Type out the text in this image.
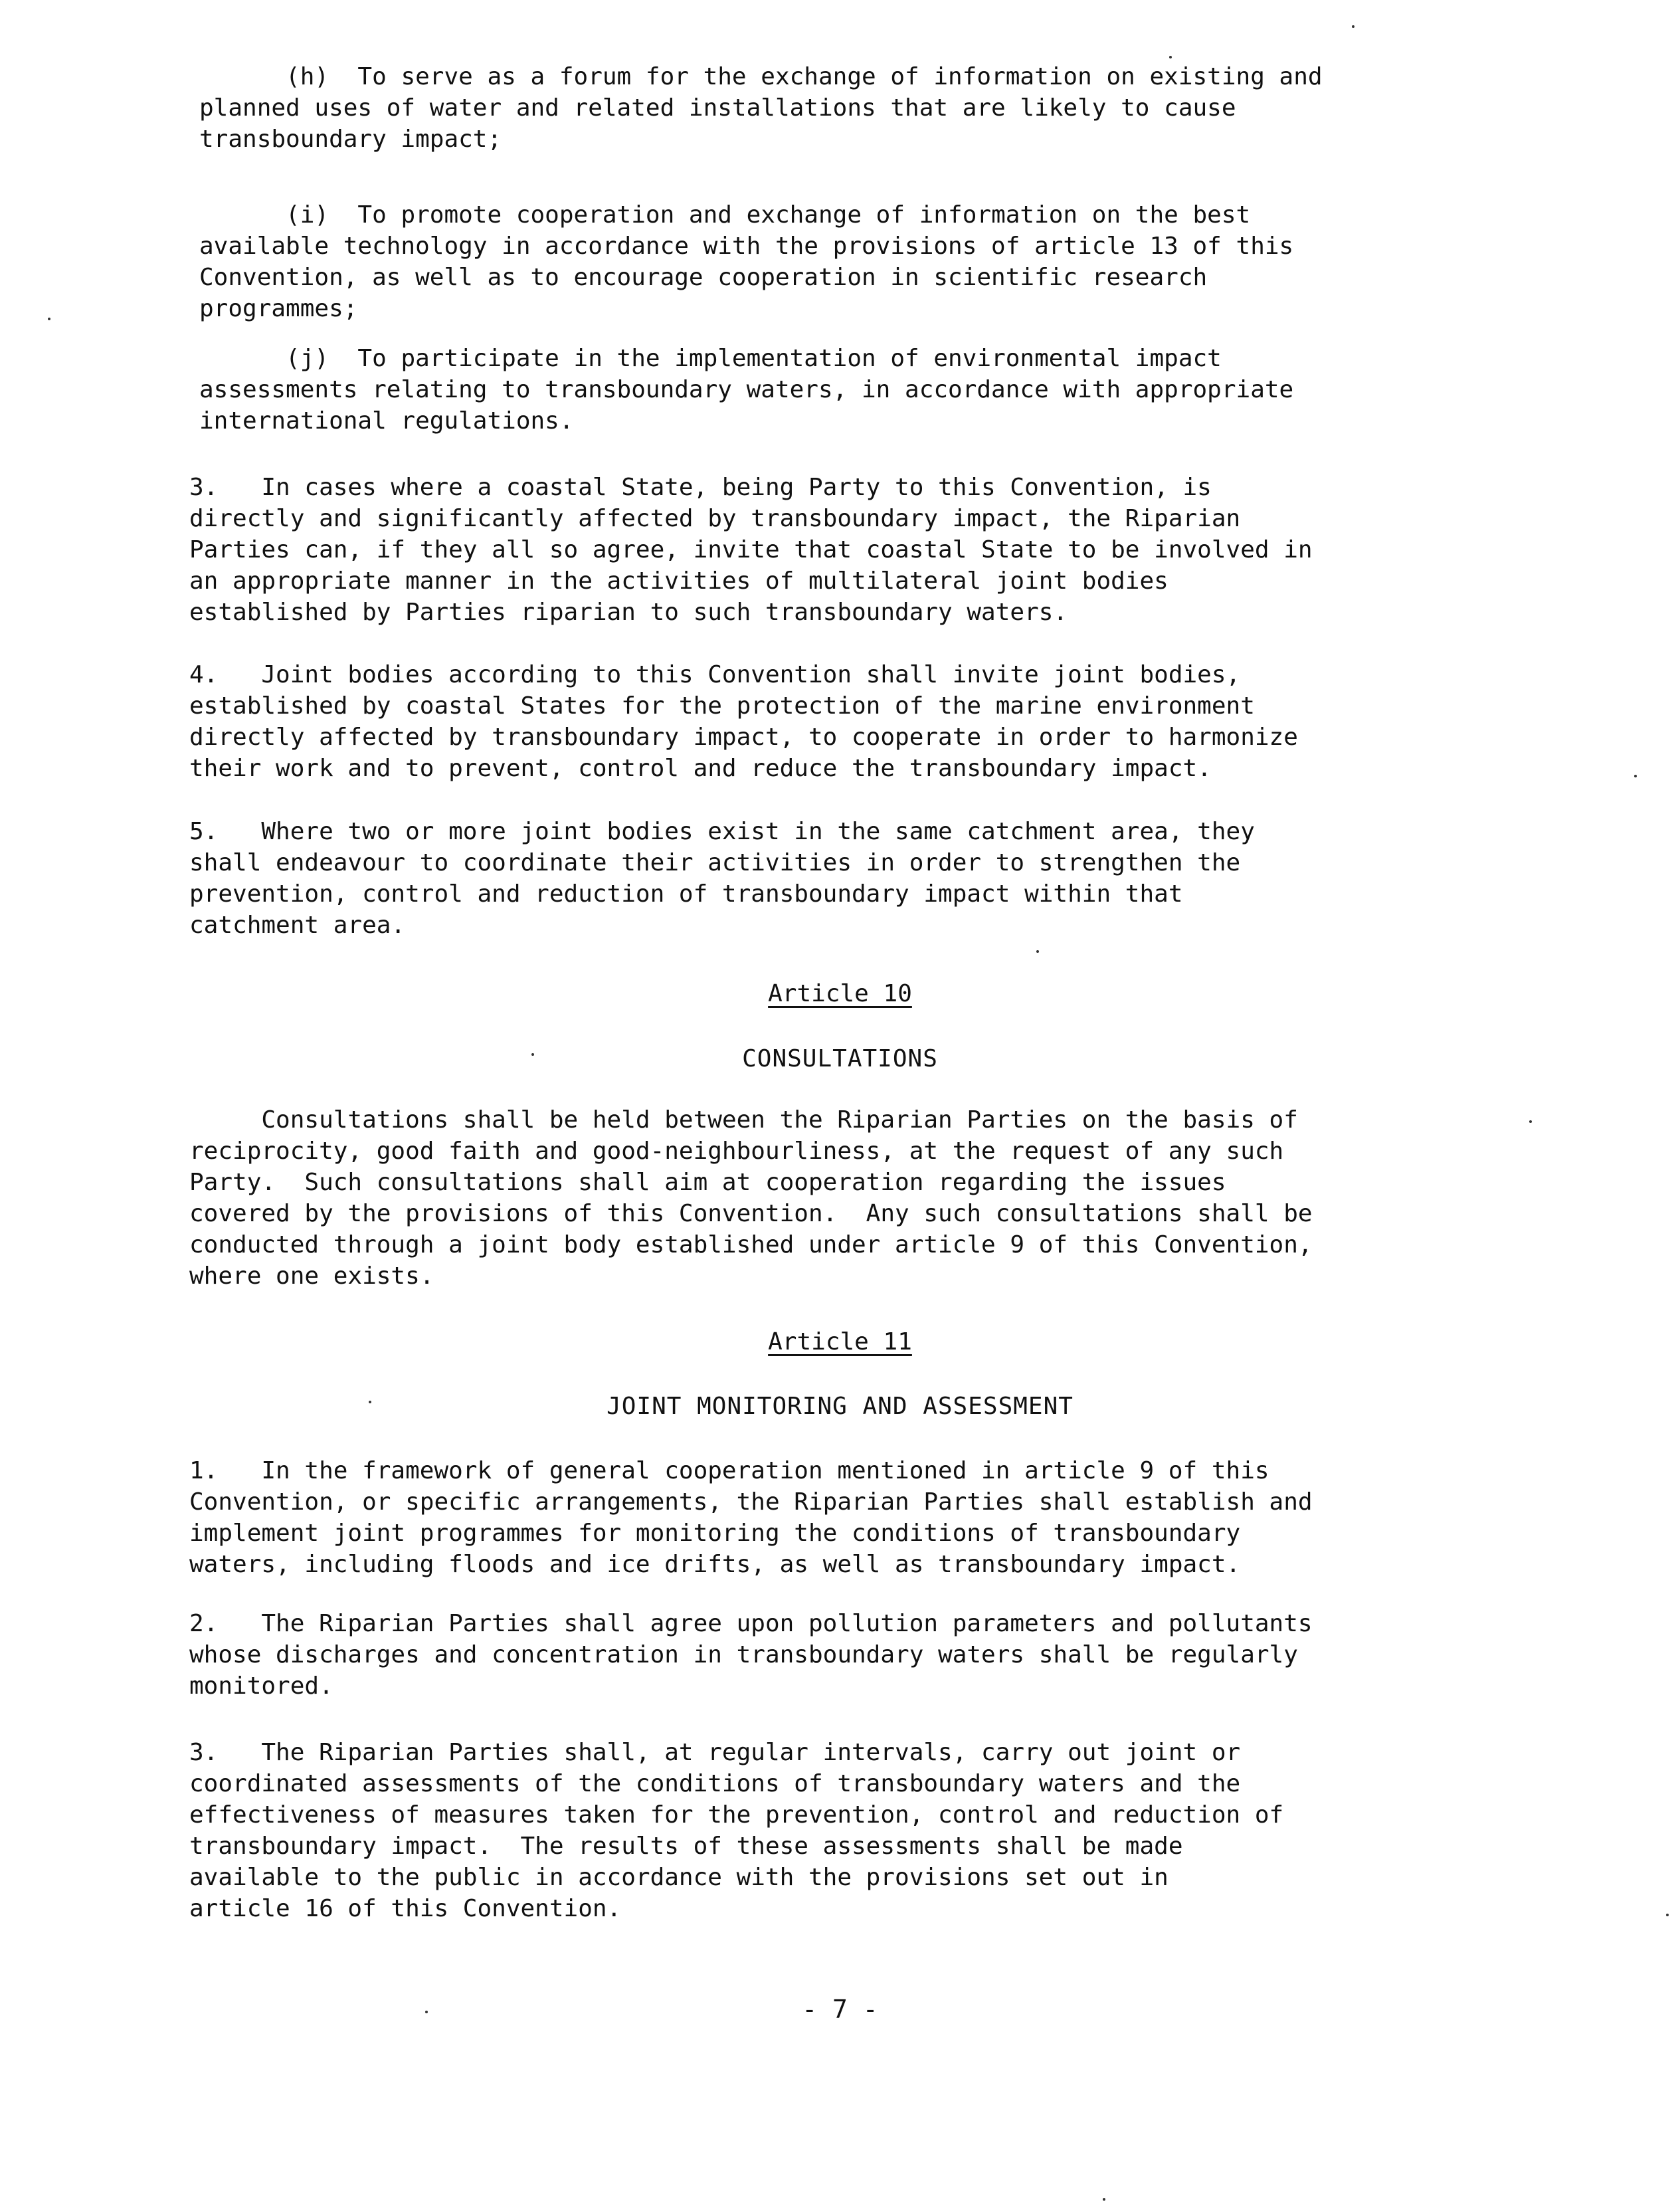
(h)  To serve as a forum for the exchange of information on existing and
planned uses of water and related installations that are likely to cause
transboundary impact;

(i)  To promote cooperation and exchange of information on the best
available technology in accordance with the provisions of article 13 of this
Convention, as well as to encourage cooperation in scientific research
programmes;

(j)  To participate in the implementation of environmental impact
assessments relating to transboundary waters, in accordance with appropriate
international regulations.

3.   In cases where a coastal State, being Party to this Convention, is
directly and significantly affected by transboundary impact, the Riparian
Parties can, if they all so agree, invite that coastal State to be involved in
an appropriate manner in the activities of multilateral joint bodies
established by Parties riparian to such transboundary waters.

4.   Joint bodies according to this Convention shall invite joint bodies,
established by coastal States for the protection of the marine environment
directly affected by transboundary impact, to cooperate in order to harmonize
their work and to prevent, control and reduce the transboundary impact.

5.   Where two or more joint bodies exist in the same catchment area, they
shall endeavour to coordinate their activities in order to strengthen the
prevention, control and reduction of transboundary impact within that
catchment area.

Article 10
CONSULTATIONS

Consultations shall be held between the Riparian Parties on the basis of
reciprocity, good faith and good-neighbourliness, at the request of any such
Party.  Such consultations shall aim at cooperation regarding the issues
covered by the provisions of this Convention.  Any such consultations shall be
conducted through a joint body established under article 9 of this Convention,
where one exists.

Article 11
JOINT MONITORING AND ASSESSMENT

1.   In the framework of general cooperation mentioned in article 9 of this
Convention, or specific arrangements, the Riparian Parties shall establish and
implement joint programmes for monitoring the conditions of transboundary
waters, including floods and ice drifts, as well as transboundary impact.

2.   The Riparian Parties shall agree upon pollution parameters and pollutants
whose discharges and concentration in transboundary waters shall be regularly
monitored.

3.   The Riparian Parties shall, at regular intervals, carry out joint or
coordinated assessments of the conditions of transboundary waters and the
effectiveness of measures taken for the prevention, control and reduction of
transboundary impact.  The results of these assessments shall be made
available to the public in accordance with the provisions set out in
article 16 of this Convention.

- 7 -
